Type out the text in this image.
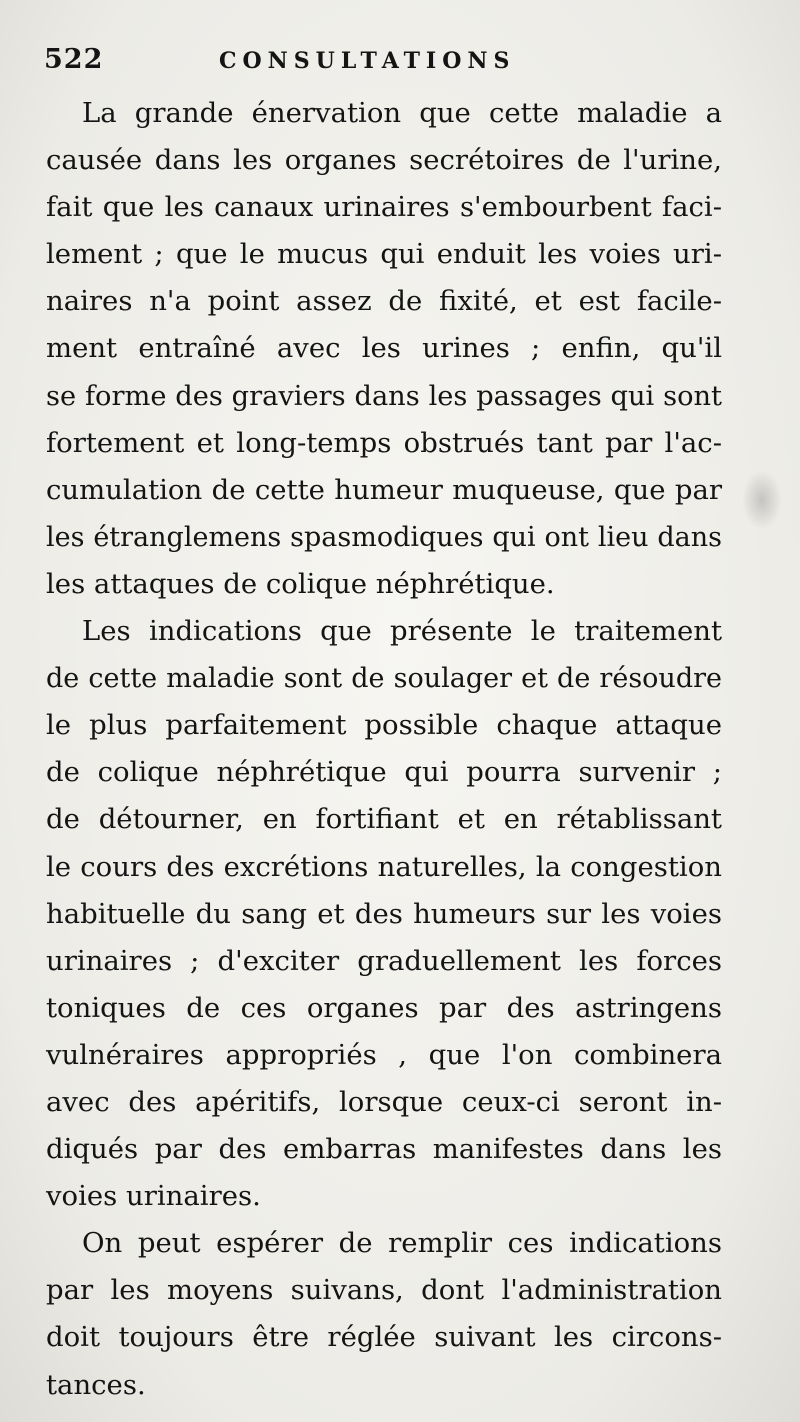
522	CONSULTATIONS

La grande énervation que cette maladie a
causée dans les organes secrétoires de l'urine,
fait que les canaux urinaires s'embourbent faci-
lement ; que le mucus qui enduit les voies uri-
naires n'a point assez de fixité, et est facile-
ment entraîné avec les urines ; enfin, qu'il
se forme des graviers dans les passages qui sont
fortement et long-temps obstrués tant par l'ac-
cumulation de cette humeur muqueuse, que par
les étranglemens spasmodiques qui ont lieu dans
les attaques de colique néphrétique.

Les indications que présente le traitement
de cette maladie sont de soulager et de résoudre
le plus parfaitement possible chaque attaque
de colique néphrétique qui pourra survenir ;
de détourner, en fortifiant et en rétablissant
le cours des excrétions naturelles, la congestion
habituelle du sang et des humeurs sur les voies
urinaires ; d'exciter graduellement les forces
toniques de ces organes par des astringens
vulnéraires appropriés , que l'on combinera
avec des apéritifs, lorsque ceux-ci seront in-
diqués par des embarras manifestes dans les
voies urinaires.

On peut espérer de remplir ces indications
par les moyens suivans, dont l'administration
doit toujours être réglée suivant les circons-
tances.
